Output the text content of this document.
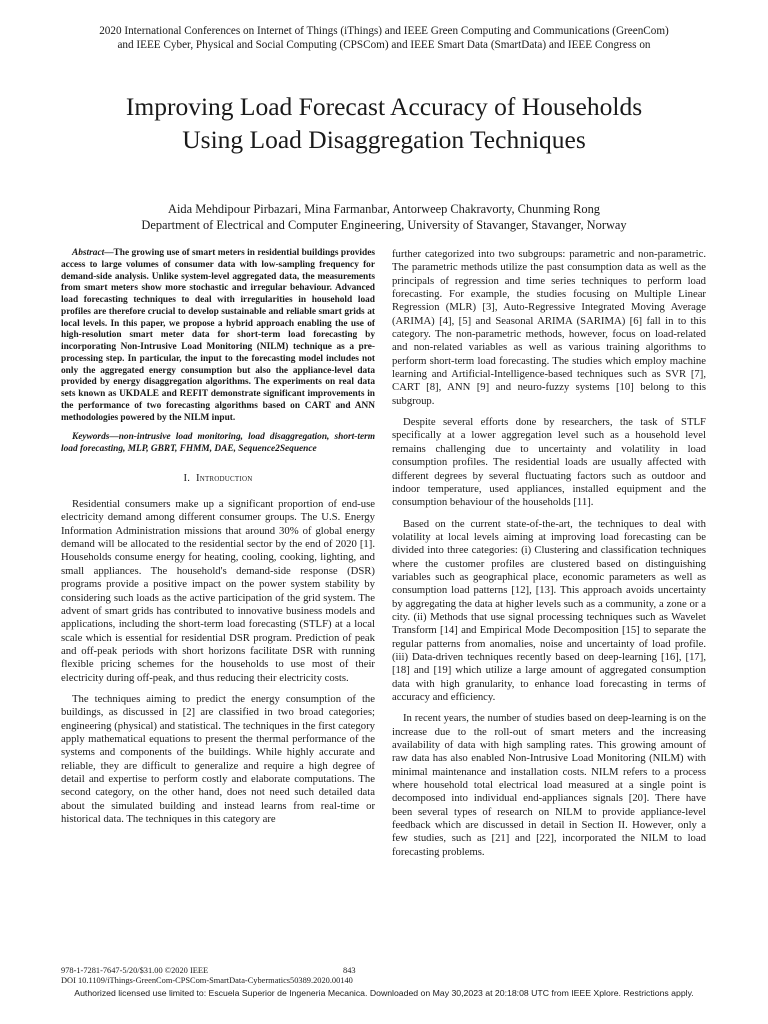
2020 International Conferences on Internet of Things (iThings) and IEEE Green Computing and Communications (GreenCom)
and IEEE Cyber, Physical and Social Computing (CPSCom) and IEEE Smart Data (SmartData) and IEEE Congress on
Improving Load Forecast Accuracy of Households
Using Load Disaggregation Techniques
Aida Mehdipour Pirbazari, Mina Farmanbar, Antorweep Chakravorty, Chunming Rong
Department of Electrical and Computer Engineering, University of Stavanger, Stavanger, Norway

Abstract—The growing use of smart meters in residential buildings provides access to large volumes of consumer data with low-sampling frequency for demand-side analysis. Unlike system-level aggregated data, the measurements from smart meters show more stochastic and irregular behaviour. Advanced load forecasting techniques to deal with irregularities in household load profiles are therefore crucial to develop sustainable and reliable smart grids at local levels. In this paper, we propose a hybrid approach enabling the use of high-resolution smart meter data for short-term load forecasting by incorporating Non-Intrusive Load Monitoring (NILM) technique as a pre-processing step. In particular, the input to the forecasting model includes not only the aggregated energy consumption but also the appliance-level data provided by energy disaggregation algorithms. The experiments on real data sets known as UKDALE and REFIT demonstrate significant improvements in the performance of two forecasting algorithms based on CART and ANN methodologies powered by the NILM input.

Keywords—non-intrusive load monitoring, load disaggregation, short-term load forecasting, MLP, GBRT, FHMM, DAE, Sequence2Sequence

I. Introduction

Residential consumers make up a significant proportion of end-use electricity demand among different consumer groups. The U.S. Energy Information Administration missions that around 30% of global energy demand will be allocated to the residential sector by the end of 2020 [1]. Households consume energy for heating, cooling, cooking, lighting, and small appliances. The household's demand-side response (DSR) programs provide a positive impact on the power system stability by considering such loads as the active participation of the grid system. The advent of smart grids has contributed to innovative business models and applications, including the short-term load forecasting (STLF) at a local scale which is essential for residential DSR program. Prediction of peak and off-peak periods with short horizons facilitate DSR with running flexible pricing schemes for the households to use most of their electricity during off-peak, and thus reducing their electricity costs.

The techniques aiming to predict the energy consumption of the buildings, as discussed in [2] are classified in two broad categories; engineering (physical) and statistical. The techniques in the first category apply mathematical equations to present the thermal performance of the systems and components of the buildings. While highly accurate and reliable, they are difficult to generalize and require a high degree of detail and expertise to perform costly and elaborate computations. The second category, on the other hand, does not need such detailed data about the simulated building and instead learns from real-time or historical data. The techniques in this category are

further categorized into two subgroups: parametric and non-parametric. The parametric methods utilize the past consumption data as well as the principals of regression and time series techniques to perform load forecasting. For example, the studies focusing on Multiple Linear Regression (MLR) [3], Auto-Regressive Integrated Moving Average (ARIMA) [4], [5] and Seasonal ARIMA (SARIMA) [6] fall in to this category. The non-parametric methods, however, focus on load-related and non-related variables as well as various training algorithms to perform short-term load forecasting. The studies which employ machine learning and Artificial-Intelligence-based techniques such as SVR [7], CART [8], ANN [9] and neuro-fuzzy systems [10] belong to this subgroup.

Despite several efforts done by researchers, the task of STLF specifically at a lower aggregation level such as a household level remains challenging due to uncertainty and volatility in load consumption profiles. The residential loads are usually affected with different degrees by several fluctuating factors such as outdoor and indoor temperature, used appliances, installed equipment and the consumption behaviour of the households [11].

Based on the current state-of-the-art, the techniques to deal with volatility at local levels aiming at improving load forecasting can be divided into three categories: (i) Clustering and classification techniques where the customer profiles are clustered based on distinguishing variables such as geographical place, economic parameters as well as consumption load patterns [12], [13]. This approach avoids uncertainty by aggregating the data at higher levels such as a community, a zone or a city. (ii) Methods that use signal processing techniques such as Wavelet Transform [14] and Empirical Mode Decomposition [15] to separate the regular patterns from anomalies, noise and uncertainty of load profile. (iii) Data-driven techniques recently based on deep-learning [16], [17], [18] and [19] which utilize a large amount of aggregated consumption data with high granularity, to enhance load forecasting in terms of accuracy and efficiency.

In recent years, the number of studies based on deep-learning is on the increase due to the roll-out of smart meters and the increasing availability of data with high sampling rates. This growing amount of raw data has also enabled Non-Intrusive Load Monitoring (NILM) with minimal maintenance and installation costs. NILM refers to a process where household total electrical load measured at a single point is decomposed into individual end-appliances signals [20]. There have been several types of research on NILM to provide appliance-level feedback which are discussed in detail in Section II. However, only a few studies, such as [21] and [22], incorporated the NILM to load forecasting problems.

978-1-7281-7647-5/20/$31.00 ©2020 IEEE	843
DOI 10.1109/iThings-GreenCom-CPSCom-SmartData-Cybermatics50389.2020.00140
Authorized licensed use limited to: Escuela Superior de Ingeneria Mecanica. Downloaded on May 30,2023 at 20:18:08 UTC from IEEE Xplore. Restrictions apply.
